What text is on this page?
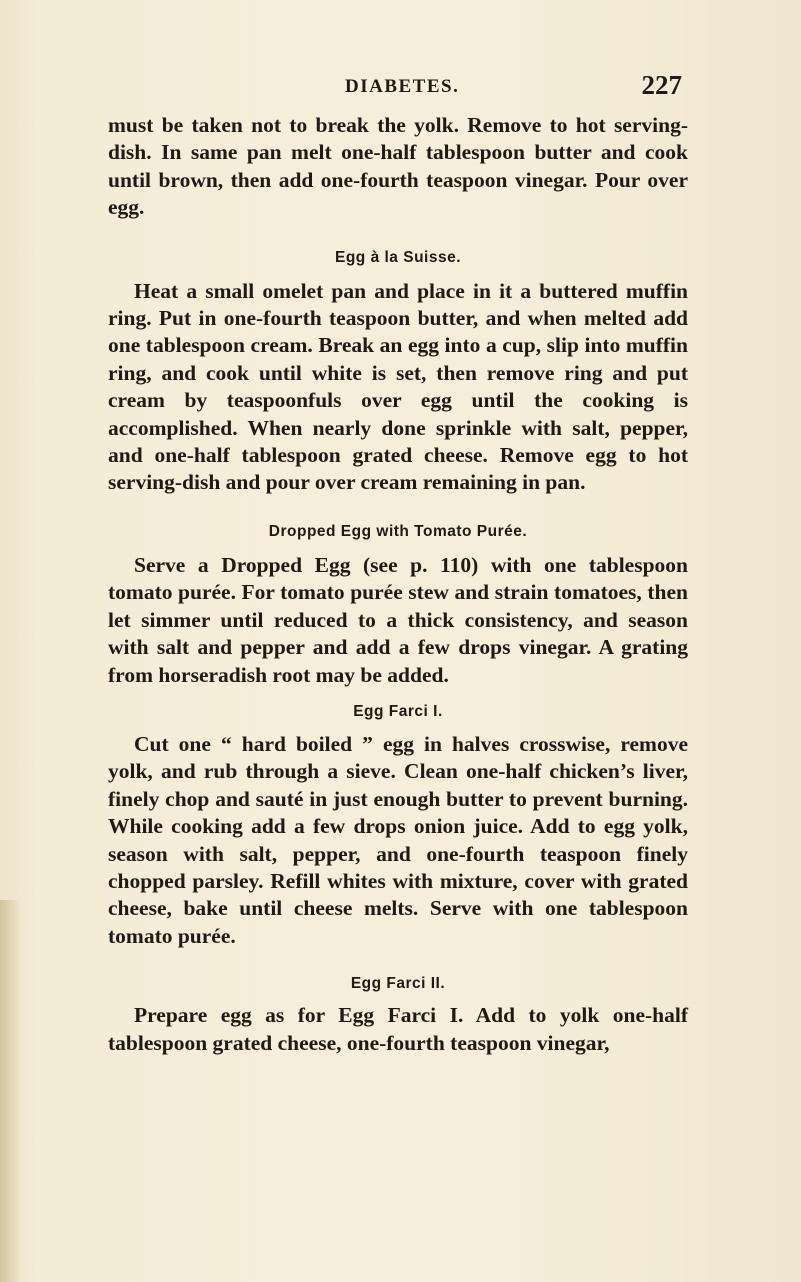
DIABETES.	227

must be taken not to break the yolk. Remove to hot serving-dish. In same pan melt one-half tablespoon butter and cook until brown, then add one-fourth teaspoon vinegar. Pour over egg.

Egg à la Suisse.

Heat a small omelet pan and place in it a buttered muffin ring. Put in one-fourth teaspoon butter, and when melted add one tablespoon cream. Break an egg into a cup, slip into muffin ring, and cook until white is set, then remove ring and put cream by teaspoonfuls over egg until the cooking is accomplished. When nearly done sprinkle with salt, pepper, and one-half tablespoon grated cheese. Remove egg to hot serving-dish and pour over cream remaining in pan.

Dropped Egg with Tomato Purée.

Serve a Dropped Egg (see p. 110) with one tablespoon tomato purée. For tomato purée stew and strain tomatoes, then let simmer until reduced to a thick consistency, and season with salt and pepper and add a few drops vinegar. A grating from horseradish root may be added.

Egg Farci I.

Cut one “ hard boiled ” egg in halves crosswise, remove yolk, and rub through a sieve. Clean one-half chicken’s liver, finely chop and sauté in just enough butter to prevent burning. While cooking add a few drops onion juice. Add to egg yolk, season with salt, pepper, and one-fourth teaspoon finely chopped parsley. Refill whites with mixture, cover with grated cheese, bake until cheese melts. Serve with one tablespoon tomato purée.

Egg Farci II.

Prepare egg as for Egg Farci I. Add to yolk one-half tablespoon grated cheese, one-fourth teaspoon vinegar,
